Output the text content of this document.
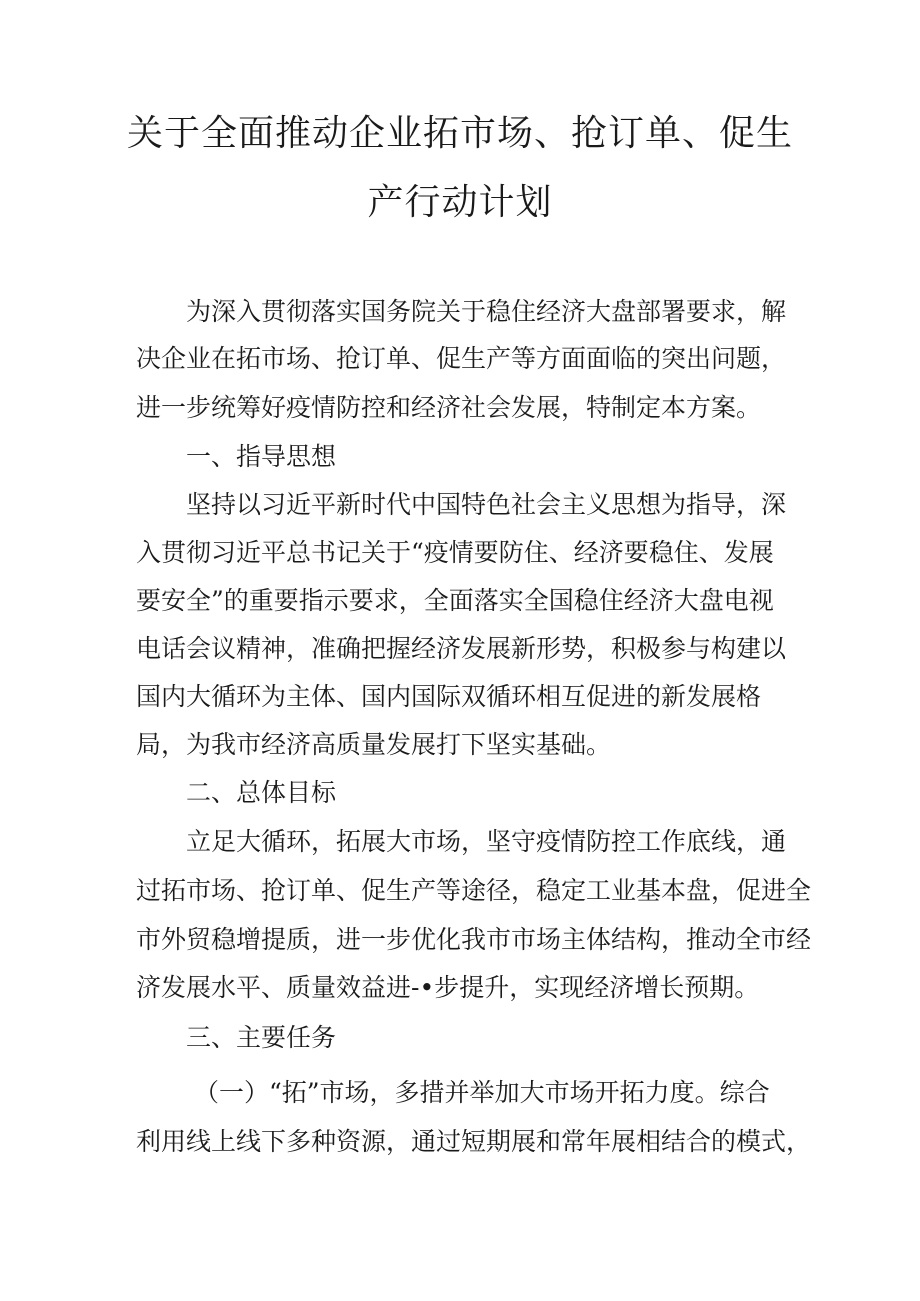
关于全面推动企业拓市场、抢订单、促生
产行动计划
为深入贯彻落实国务院关于稳住经济大盘部署要求，解
决企业在拓市场、抢订单、促生产等方面面临的突出问题，
进一步统筹好疫情防控和经济社会发展，特制定本方案。
一、指导思想
坚持以习近平新时代中国特色社会主义思想为指导，深
入贯彻习近平总书记关于“疫情要防住、经济要稳住、发展
要安全”的重要指示要求，全面落实全国稳住经济大盘电视
电话会议精神，准确把握经济发展新形势，积极参与构建以
国内大循环为主体、国内国际双循环相互促进的新发展格
局，为我市经济高质量发展打下坚实基础。
二、总体目标
立足大循环，拓展大市场，坚守疫情防控工作底线，通
过拓市场、抢订单、促生产等途径，稳定工业基本盘，促进全
市外贸稳增提质，进一步优化我市市场主体结构，推动全市经
济发展水平、质量效益进-•步提升，实现经济增长预期。
三、主要任务
（一）“拓”市场，多措并举加大市场开拓力度。综合
利用线上线下多种资源，通过短期展和常年展相结合的模式，
